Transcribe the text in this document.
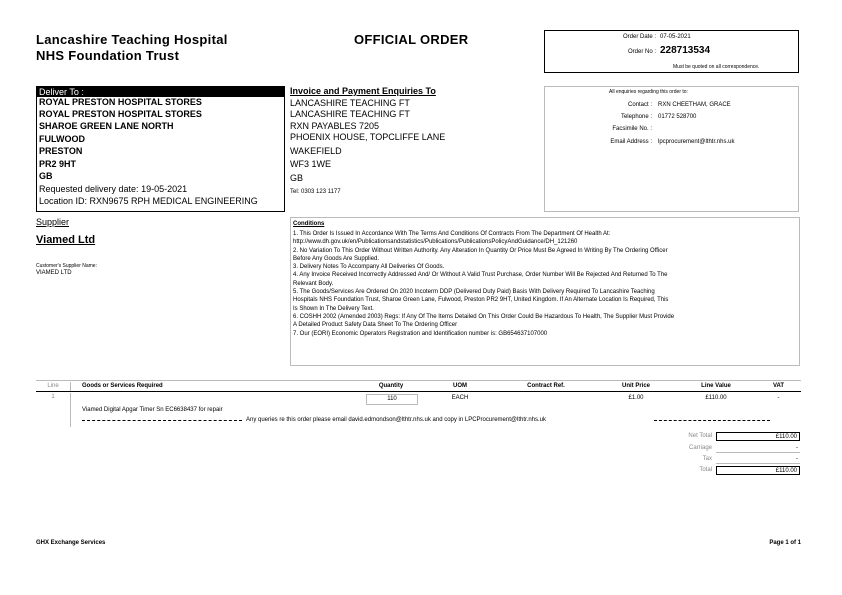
Lancashire Teaching Hospital
NHS Foundation Trust
OFFICIAL ORDER	Order Date : 07-05-2021
Order No : 228713534
Must be quoted on all correspondence.
Deliver To :
ROYAL PRESTON HOSPITAL STORES
ROYAL PRESTON HOSPITAL STORES
SHAROE GREEN LANE NORTH
FULWOOD
PRESTON
PR2 9HT
GB
Requested delivery date: 19-05-2021
Location ID: RXN9675 RPH MEDICAL ENGINEERING
Invoice and Payment Enquiries To
LANCASHIRE TEACHING FT
LANCASHIRE TEACHING FT
RXN PAYABLES 7205
PHOENIX HOUSE, TOPCLIFFE LANE
WAKEFIELD
WF3 1WE
GB
Tel: 0303 123 1177
All enquiries regarding this order to:
Contact : RXN CHEETHAM, GRACE
Telephone : 01772 528700
Facsimile No. :
Email Address : lpcprocurement@lthtr.nhs.uk
Supplier
Viamed Ltd
Customer's Supplier Name:
VIAMED LTD
Conditions
1. This Order Is Issued In Accordance With The Terms And Conditions Of Contracts From The Department Of Health At:
http://www.dh.gov.uk/en/Publicationsandstatistics/Publications/PublicationsPolicyAndGuidance/DH_121260
2. No Variation To This Order Without Written Authority. Any Alteration In Quantity Or Price Must Be Agreed In Writing By The Ordering Officer
Before Any Goods Are Supplied.
3. Delivery Notes To Accompany All Deliveries Of Goods.
4. Any Invoice Received Incorrectly Addressed And/ Or Without A Valid Trust Purchase, Order Number Will Be Rejected And Returned To The
Relevant Body.
5. The Goods/Services Are Ordered On 2020 Incoterm DDP (Delivered Duty Paid) Basis With Delivery Required To Lancashire Teaching
Hospitals NHS Foundation Trust, Sharoe Green Lane, Fulwood, Preston PR2 9HT, United Kingdom. If An Alternate Location Is Required, This
Is Shown In The Delivery Text.
6. COSHH 2002 (Amended 2003) Regs: If Any Of The Items Detailed On This Order Could Be Hazardous To Health, The Supplier Must Provide
A Detailed Product Safety Data Sheet To The Ordering Officer
7. Our (EORI) Economic Operators Registration and Identification number is: GB654637107000
Line	Goods or Services Required	Quantity	UOM	Contract Ref.	Unit Price	Line Value	VAT
1	110	EACH	£1.00	£110.00	-
Viamed Digital Apgar Timer Sn EC6638437 for repair
Any queries re this order please email david.edmondson@lthtr.nhs.uk and copy in LPCProcurement@lthtr.nhs.uk
Net Total	£110.00
Carriage	-
Tax	-
Total	£110.00
GHX Exchange Services	Page 1 of 1
